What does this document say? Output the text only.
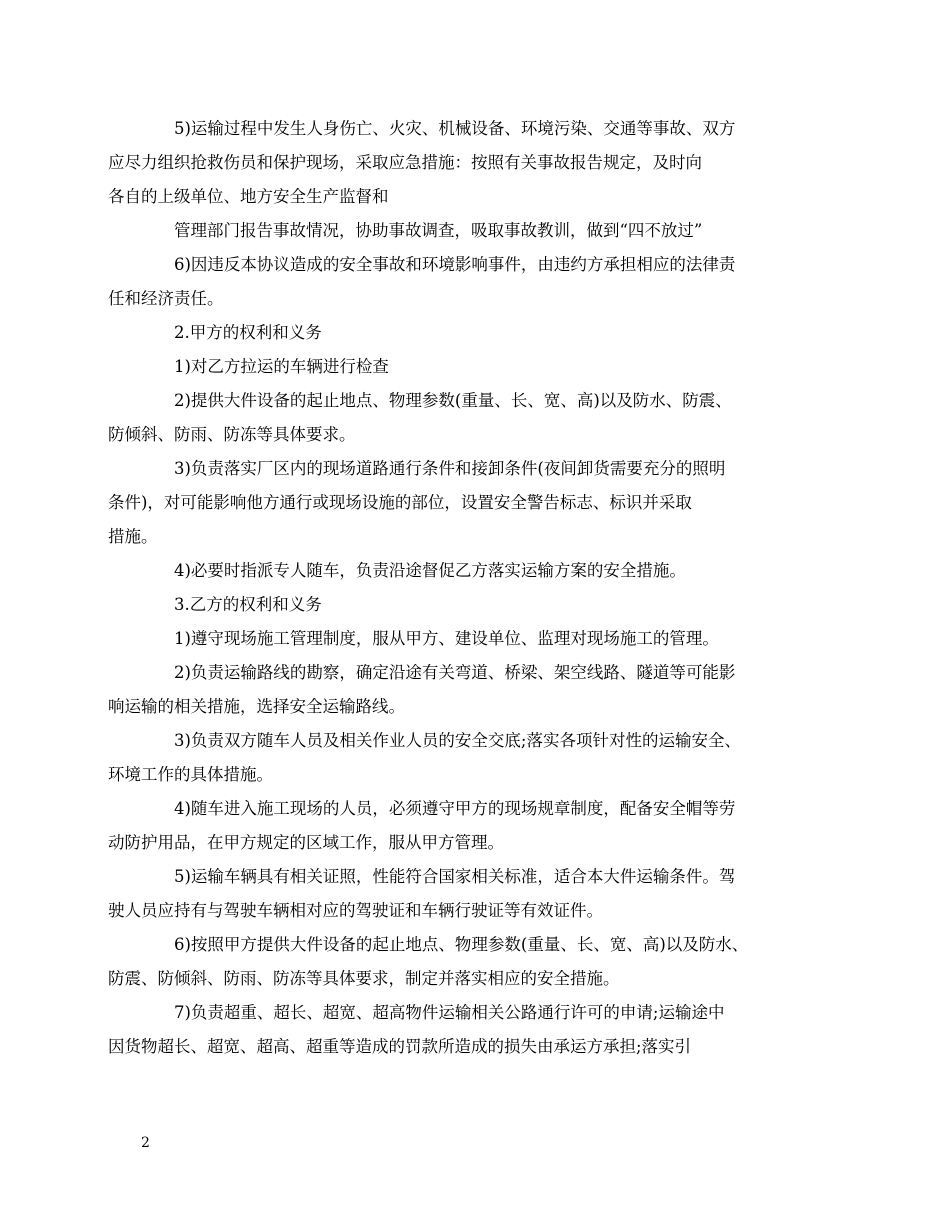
5)运输过程中发生人身伤亡、火灾、机械设备、环境污染、交通等事故、双方
应尽力组织抢救伤员和保护现场，采取应急措施：按照有关事故报告规定，及时向
各自的上级单位、地方安全生产监督和

管理部门报告事故情况，协助事故调查，吸取事故教训，做到“四不放过”

6)因违反本协议造成的安全事故和环境影响事件，由违约方承担相应的法律责
任和经济责任。

2.甲方的权利和义务

1)对乙方拉运的车辆进行检查

2)提供大件设备的起止地点、物理参数(重量、长、宽、高)以及防水、防震、
防倾斜、防雨、防冻等具体要求。

3)负责落实厂区内的现场道路通行条件和接卸条件(夜间卸货需要充分的照明
条件)，对可能影响他方通行或现场设施的部位，设置安全警告标志、标识并采取
措施。

4)必要时指派专人随车，负责沿途督促乙方落实运输方案的安全措施。

3.乙方的权利和义务

1)遵守现场施工管理制度，服从甲方、建设单位、监理对现场施工的管理。

2)负责运输路线的勘察，确定沿途有关弯道、桥梁、架空线路、隧道等可能影
响运输的相关措施，选择安全运输路线。

3)负责双方随车人员及相关作业人员的安全交底;落实各项针对性的运输安全、
环境工作的具体措施。

4)随车进入施工现场的人员，必须遵守甲方的现场规章制度，配备安全帽等劳
动防护用品，在甲方规定的区域工作，服从甲方管理。

5)运输车辆具有相关证照，性能符合国家相关标准，适合本大件运输条件。驾
驶人员应持有与驾驶车辆相对应的驾驶证和车辆行驶证等有效证件。

6)按照甲方提供大件设备的起止地点、物理参数(重量、长、宽、高)以及防水、
防震、防倾斜、防雨、防冻等具体要求，制定并落实相应的安全措施。

7)负责超重、超长、超宽、超高物件运输相关公路通行许可的申请;运输途中
因货物超长、超宽、超高、超重等造成的罚款所造成的损失由承运方承担;落实引

2
